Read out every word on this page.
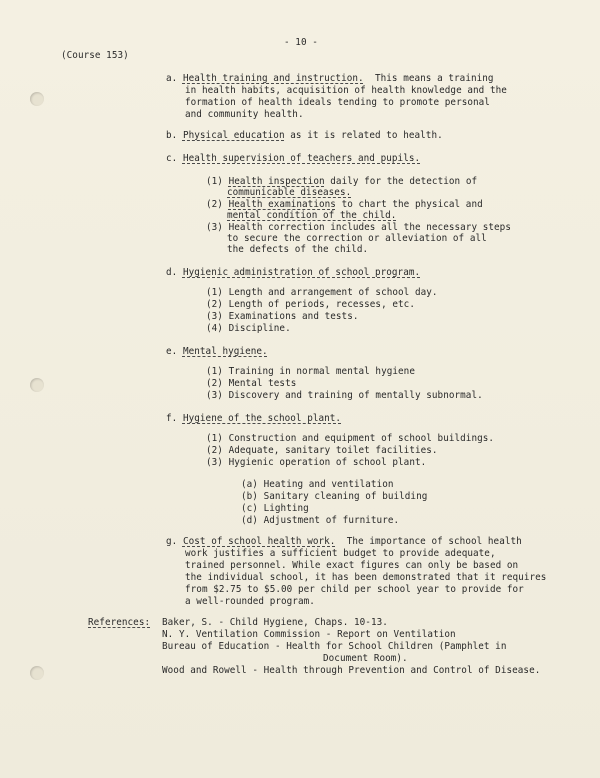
(Course 153)
- 10 -
a. Health training and instruction. This means a training
in health habits, acquisition of health knowledge and the
formation of health ideals tending to promote personal
and community health.
b. Physical education as it is related to health.
c. Health supervision of teachers and pupils.
(1) Health inspection daily for the detection of
communicable diseases.
(2) Health examinations to chart the physical and
mental condition of the child.
(3) Health correction includes all the necessary steps
to secure the correction or alleviation of all
the defects of the child.
d. Hygienic administration of school program.
(1) Length and arrangement of school day.
(2) Length of periods, recesses, etc.
(3) Examinations and tests.
(4) Discipline.
e. Mental hygiene.
(1) Training in normal mental hygiene
(2) Mental tests
(3) Discovery and training of mentally subnormal.
f. Hygiene of the school plant.
(1) Construction and equipment of school buildings.
(2) Adequate, sanitary toilet facilities.
(3) Hygienic operation of school plant.
(a) Heating and ventilation
(b) Sanitary cleaning of building
(c) Lighting
(d) Adjustment of furniture.
g. Cost of school health work. The importance of school health
work justifies a sufficient budget to provide adequate,
trained personnel. While exact figures can only be based on
the individual school, it has been demonstrated that it requires
from $2.75 to $5.00 per child per school year to provide for
a well-rounded program.
References: Baker, S. - Child Hygiene, Chaps. 10-13.
N. Y. Ventilation Commission - Report on Ventilation
Bureau of Education - Health for School Children (Pamphlet in
Document Room).
Wood and Rowell - Health through Prevention and Control of Disease.
